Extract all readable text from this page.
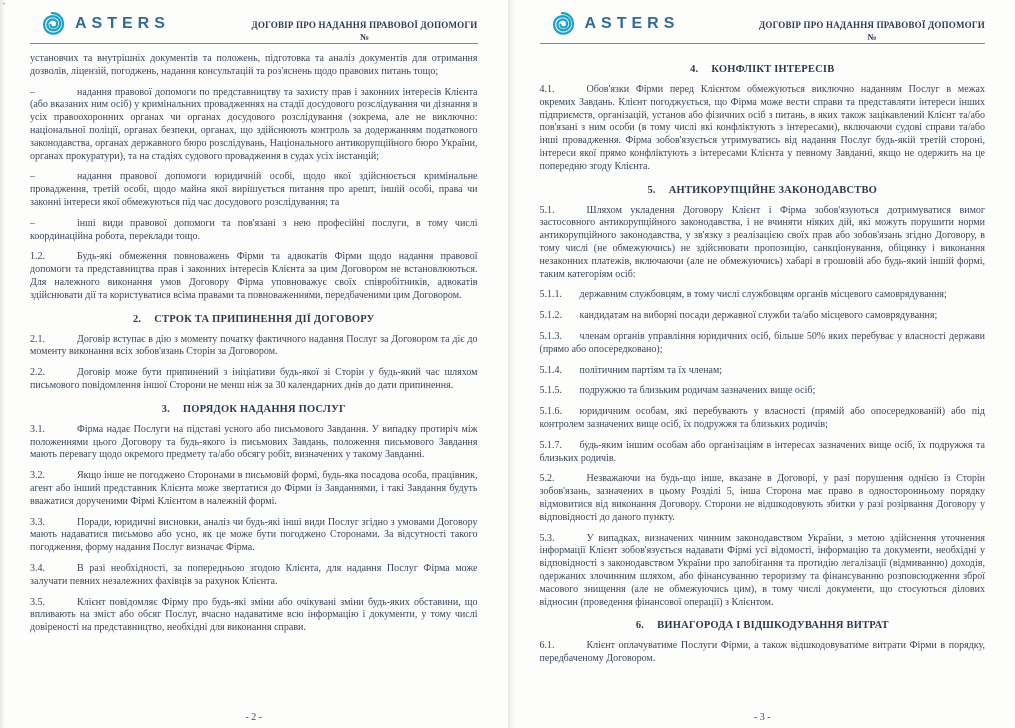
+
ASTERS	ДОГОВІР ПРО НАДАННЯ ПРАВОВОЇ ДОПОМОГИ
№

установчих та внутрішніх документів та положень, підготовка та аналіз документів для отримання дозволів, ліцензій, погоджень, надання консультацій та роз'яснень щодо правових питань тощо;

–	надання правової допомоги по представництву та захисту прав і законних інтересів Клієнта (або вказаних ним осіб) у кримінальних провадженнях на стадії досудового розслідування чи дізнання в усіх правоохоронних органах чи органах досудового розслідування (зокрема, але не виключно: національної поліції, органах безпеки, органах, що здійснюють контроль за додержанням податкового законодавства, органах державного бюро розслідувань, Національного антикорупційного бюро України, органах прокуратури), та на стадіях судового провадження в судах усіх інстанцій;

–	надання правової допомоги юридичній особі, щодо якої здійснюється кримінальне провадження, третій особі, щодо майна якої вирішується питання про арешт, іншій особі, права чи законні інтереси якої обмежуються під час досудового розслідування; та

–	інші види правової допомоги та пов'язані з нею професійні послуги, в тому числі координаційна робота, переклади тощо.

1.2.	Будь-які обмеження повноважень Фірми та адвокатів Фірми щодо надання правової допомоги та представництва прав і законних інтересів Клієнта за цим Договором не встановлюються. Для належного виконання умов Договору Фірма уповноважує своїх співробітників, адвокатів здійснювати дії та користуватися всіма правами та повноваженнями, передбаченими цим Договором.

2. СТРОК ТА ПРИПИНЕННЯ ДІЇ ДОГОВОРУ

2.1.	Договір вступає в дію з моменту початку фактичного надання Послуг за Договором та діє до моменту виконання всіх зобов'язань Сторін за Договором.

2.2.	Договір може бути припинений з ініціативи будь-якої зі Сторін у будь-який час шляхом письмового повідомлення іншої Сторони не менш ніж за 30 календарних днів до дати припинення.

3. ПОРЯДОК НАДАННЯ ПОСЛУГ

3.1.	Фірма надає Послуги на підставі усного або письмового Завдання. У випадку протиріч між положеннями цього Договору та будь-якого із письмових Завдань, положення письмового Завдання мають перевагу щодо окремого предмету та/або обсягу робіт, визначених у такому Завданні.

3.2.	Якщо інше не погоджено Сторонами в письмовій формі, будь-яка посадова особа, працівник, агент або інший представник Клієнта може звертатися до Фірми із Завданнями, і такі Завдання будуть вважатися дорученими Фірмі Клієнтом в належній формі.

3.3.	Поради, юридичні висновки, аналіз чи будь-які інші види Послуг згідно з умовами Договору мають надаватися письмово або усно, як це може бути погоджено Сторонами. За відсутності такого погодження, форму надання Послуг визначає Фірма.

3.4.	В разі необхідності, за попередньою згодою Клієнта, для надання Послуг Фірма може залучати певних незалежних фахівців за рахунок Клієнта.

3.5.	Клієнт повідомляє Фірму про будь-які зміни або очікувані зміни будь-яких обставини, що впливають на зміст або обсяг Послуг, вчасно надаватиме всю інформацію і документи, у тому числі довіреності на представництво, необхідні для виконання справи.

- 2 -
ASTERS	ДОГОВІР ПРО НАДАННЯ ПРАВОВОЇ ДОПОМОГИ
№
4. КОНФЛІКТ ІНТЕРЕСІВ

4.1.	Обов'язки Фірми перед Клієнтом обмежуються виключно наданням Послуг в межах окремих Завдань. Клієнт погоджується, що Фірма може вести справи та представляти інтереси інших підприємств, організацій, установ або фізичних осіб з питань, в яких також зацікавлений Клієнт та/або пов'язані з ним особи (в тому числі які конфліктують з інтересами), включаючи судові справи та/або інші провадження. Фірма зобов'язується утримуватись від надання Послуг будь-якій третій стороні, інтереси якої прямо конфліктують з інтересами Клієнта у певному Завданні, якщо не одержить на це попередню згоду Клієнта.

5. АНТИКОРУПЦІЙНЕ ЗАКОНОДАВСТВО

5.1.	Шляхом укладення Договору Клієнт і Фірма зобов'язуються дотримуватися вимог застосовного антикорупційного законодавства, і не вчиняти ніяких дій, які можуть порушити норми антикорупційного законодавства, у зв'язку з реалізацією своїх прав або зобов'язань згідно Договору, в тому числі (не обмежуючись) не здійснювати пропозицію, санкціонування, обіцянку і виконання незаконних платежів, включаючи (але не обмежуючись) хабарі в грошовій або будь-який іншій формі, таким категоріям осіб:

5.1.1. державним службовцям, в тому числі службовцям органів місцевого самоврядування;

5.1.2. кандидатам на виборні посади державної служби та/або місцевого самоврядування;

5.1.3. членам органів управління юридичних осіб, більше 50% яких перебуває у власності держави (прямо або опосередковано);

5.1.4. політичним партіям та їх членам;

5.1.5. подружжю та близьким родичам зазначених вище осіб;

5.1.6. юридичним особам, які перебувають у власності (прямій або опосередкованій) або під контролем зазначених вище осіб, їх подружжя та близьких родичів;

5.1.7. будь-яким іншим особам або організаціям в інтересах зазначених вище осіб, їх подружжя та близьких родичів.

5.2.	Незважаючи на будь-що інше, вказане в Договорі, у разі порушення однією із Сторін зобов'язань, зазначених в цьому Розділі 5, інша Сторона має право в односторонньому порядку відмовитися від виконання Договору. Сторони не відшкодовують збитки у разі розірвання Договору у відповідності до даного пункту.

5.3.	У випадках, визначених чинним законодавством України, з метою здійснення уточнення інформації Клієнт зобов'язується надавати Фірмі усі відомості, інформацію та документи, необхідні у відповідності з законодавством України про запобігання та протидію легалізації (відмиванню) доходів, одержаних злочинним шляхом, або фінансуванню тероризму та фінансуванню розповсюдження зброї масового знищення (але не обмежуючись цим), в тому числі документи, що стосуються ділових відносин (проведення фінансової операції) з Клієнтом.

6. ВИНАГОРОДА І ВІДШКОДУВАННЯ ВИТРАТ

6.1.	Клієнт оплачуватиме Послуги Фірми, а також відшкодовуватиме витрати Фірми в порядку, передбаченому Договором.

- 3 -
